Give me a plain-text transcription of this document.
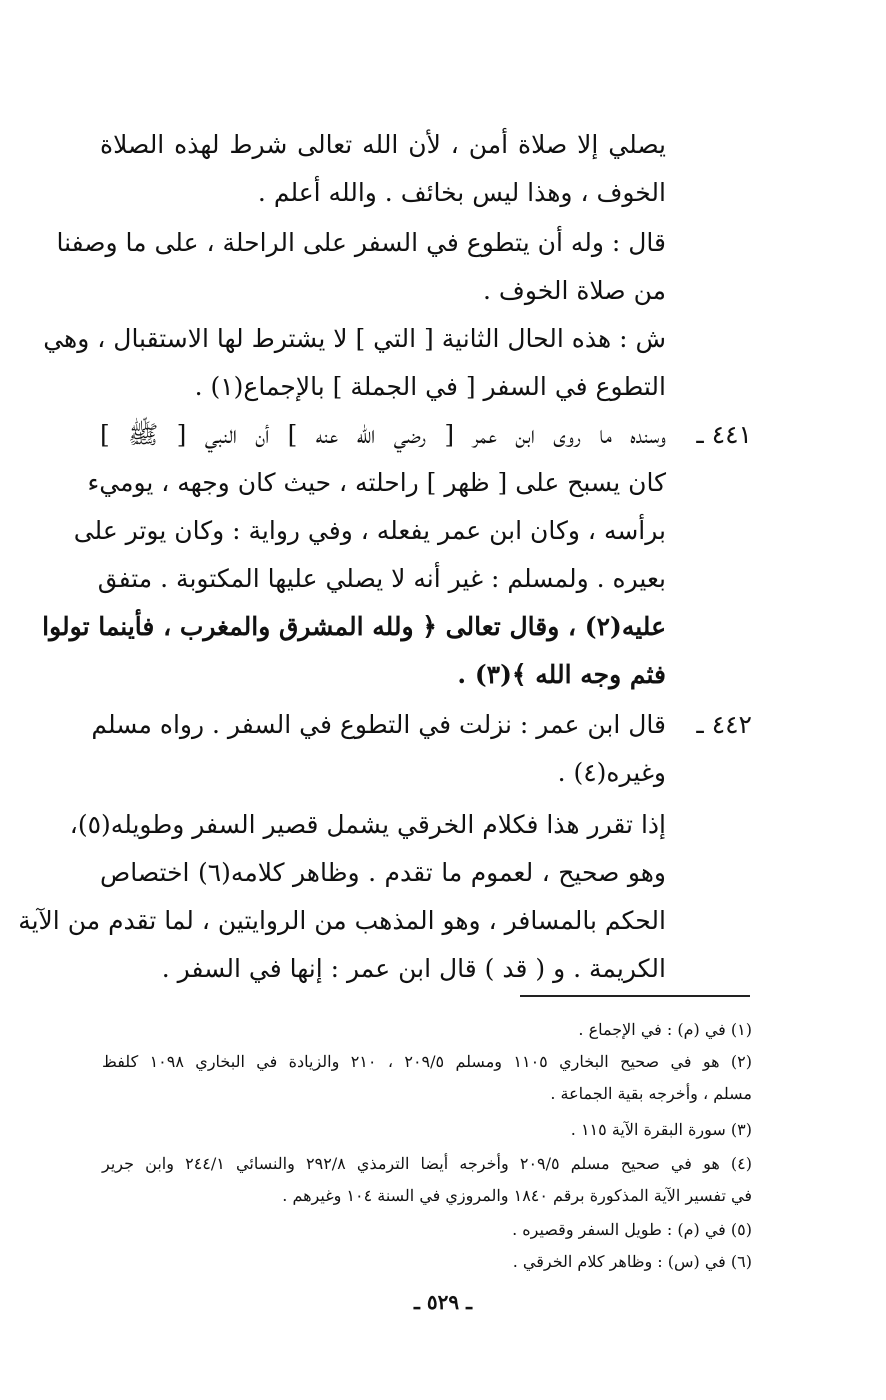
يصلي إلا صلاة أمن ، لأن الله تعالى شرط لهذه الصلاة
الخوف ، وهذا ليس بخائف . والله أعلم .
قال : وله أن يتطوع في السفر على الراحلة ، على ما وصفنا
من صلاة الخوف .
ش : هذه الحال الثانية [ التي ] لا يشترط لها الاستقبال ، وهي
التطوع في السفر [ في الجملة ] بالإجماع(١) .
٤٤١ ـ
وسنده ما روى ابن عمر [ رضي الله عنه ] أن النبي [ ﷺ ]
كان يسبح على [ ظهر ] راحلته ، حيث كان وجهه ، يوميء
برأسه ، وكان ابن عمر يفعله ، وفي رواية : وكان يوتر على
بعيره . ولمسلم : غير أنه لا يصلي عليها المكتوبة . متفق
عليه(٢) ، وقال تعالى ﴿ ولله المشرق والمغرب ، فأينما تولوا
فثم وجه الله ﴾(٣) .
٤٤٢ ـ
قال ابن عمر : نزلت في التطوع في السفر . رواه مسلم
وغيره(٤) .
إذا تقرر هذا فكلام الخرقي يشمل قصير السفر وطويله(٥)،
وهو صحيح ، لعموم ما تقدم . وظاهر كلامه(٦) اختصاص
الحكم بالمسافر ، وهو المذهب من الروايتين ، لما تقدم من الآية
الكريمة . و ( قد ) قال ابن عمر : إنها في السفر .
(١) في (م) : في الإجماع .
(٢) هو في صحيح البخاري ١١٠٥ ومسلم ٢٠٩/٥ ، ٢١٠ والزيادة في البخاري ١٠٩٨ كلفظ
مسلم ، وأخرجه بقية الجماعة .
(٣) سورة البقرة الآية ١١٥ .
(٤) هو في صحيح مسلم ٢٠٩/٥ وأخرجه أيضا الترمذي ٢٩٢/٨ والنسائي ٢٤٤/١ وابن جرير
في تفسير الآية المذكورة برقم ١٨٤٠ والمروزي في السنة ١٠٤ وغيرهم .
(٥) في (م) : طويل السفر وقصيره .
(٦) في (س) : وظاهر كلام الخرقي .
ـ ٥٢٩ ـ
